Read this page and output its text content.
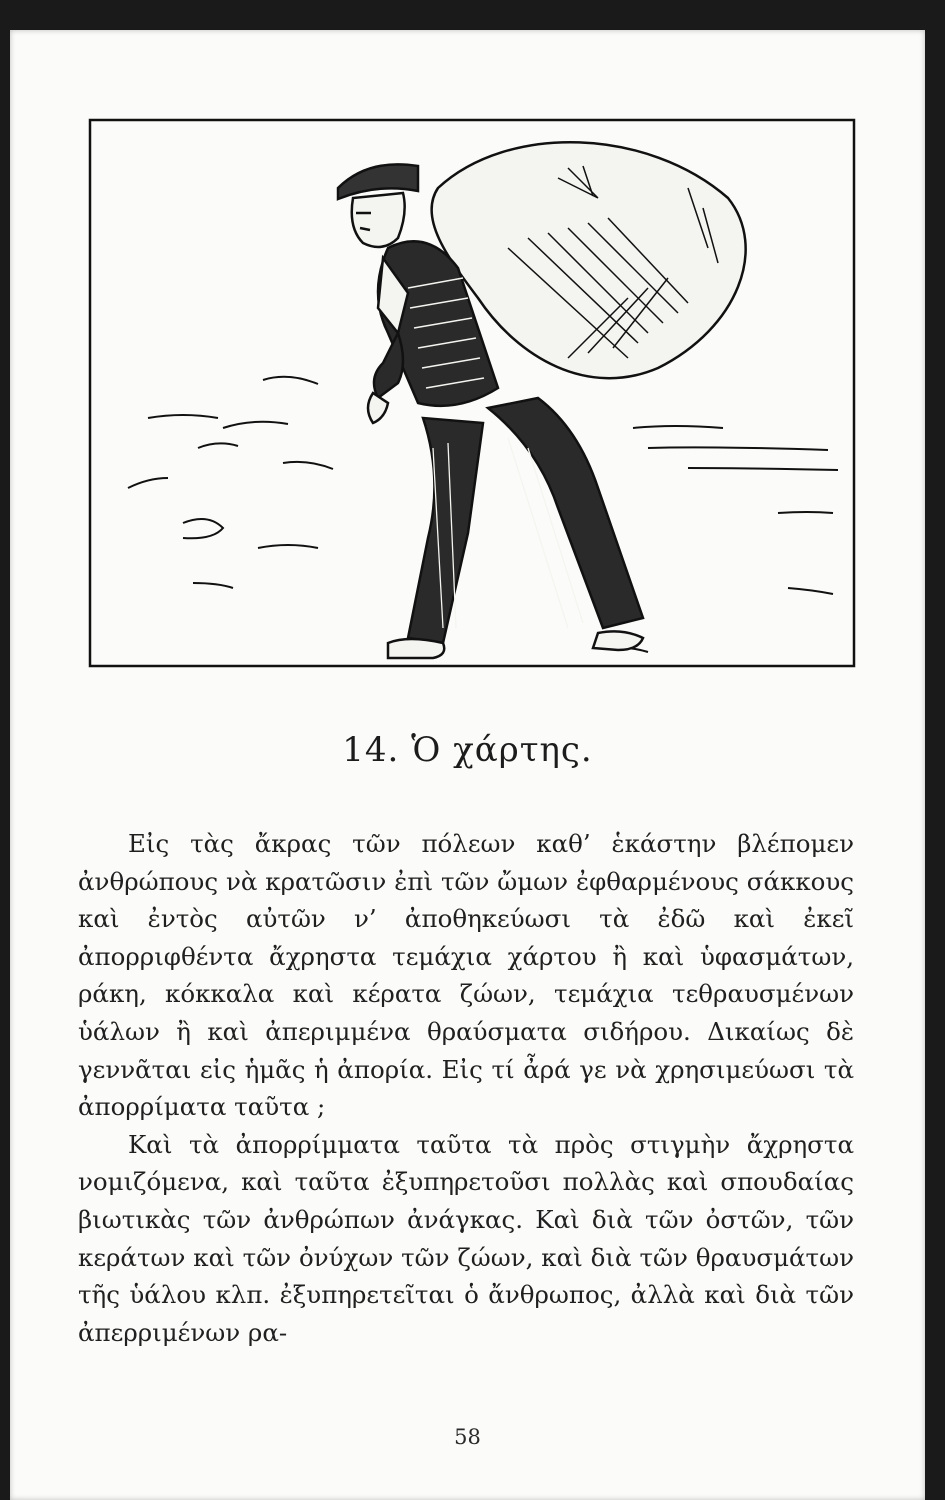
14. Ὁ χάρτης.

Εἰς τὰς ἄκρας τῶν πόλεων καθ’ ἑκάστην βλέπομεν ἀνθρώπους νὰ κρατῶσιν ἐπὶ τῶν ὤμων ἐφθαρμένους σάκκους καὶ ἐντὸς αὐτῶν ν’ ἀποθηκεύωσι τὰ ἐδῶ καὶ ἐκεῖ ἀπορριφθέντα ἄχρηστα τεμάχια χάρτου ἢ καὶ ὑφασμάτων, ράκη, κόκκαλα καὶ κέρατα ζώων, τεμάχια τεθραυσμένων ὑάλων ἢ καὶ ἀπεριμμένα θραύσματα σιδήρου. Δικαίως δὲ γεννᾶται εἰς ἡμᾶς ἡ ἀπορία. Εἰς τί ἆρά γε νὰ χρησιμεύωσι τὰ ἀπορρίματα ταῦτα ;

Καὶ τὰ ἀπορρίμματα ταῦτα τὰ πρὸς στιγμὴν ἄχρηστα νομιζόμενα, καὶ ταῦτα ἐξυπηρετοῦσι πολλὰς καὶ σπουδαίας βιωτικὰς τῶν ἀνθρώπων ἀνάγκας. Καὶ διὰ τῶν ὀστῶν, τῶν κεράτων καὶ τῶν ὀνύχων τῶν ζώων, καὶ διὰ τῶν θραυσμάτων τῆς ὑάλου κλπ. ἐξυπηρετεῖται ὁ ἄνθρωπος, ἀλλὰ καὶ διὰ τῶν ἀπερριμένων ρα-

58
